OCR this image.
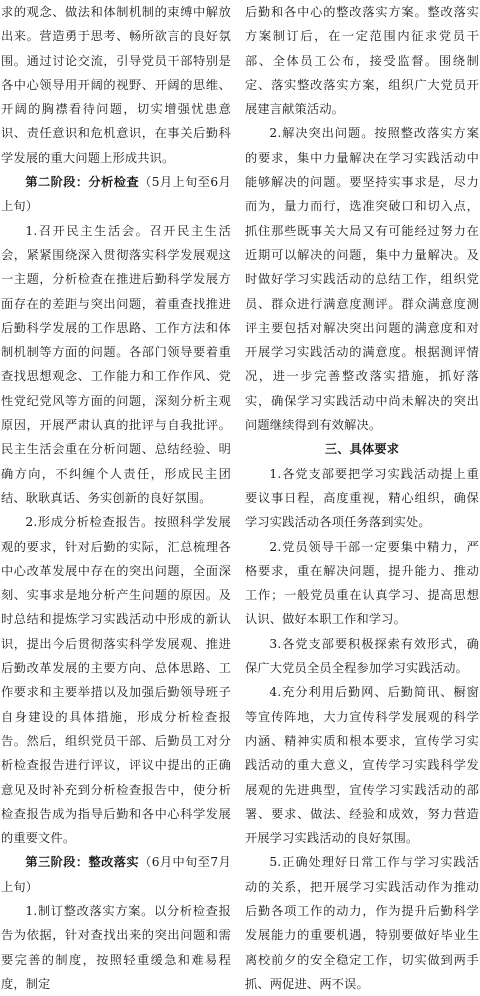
求的观念、做法和体制机制的束缚中解放出来。营造勇于思考、畅所欲言的良好氛围。通过讨论交流，引导党员干部特别是各中心领导用开阔的视野、开阔的思维、开阔的胸襟看待问题，切实增强忧患意识、责任意识和危机意识，在事关后勤科学发展的重大问题上形成共识。

第二阶段：分析检查（5月上旬至6月上旬）

1.召开民主生活会。召开民主生活会，紧紧围绕深入贯彻落实科学发展观这一主题，分析检查在推进后勤科学发展方面存在的差距与突出问题，着重查找推进后勤科学发展的工作思路、工作方法和体制机制等方面的问题。各部门领导要着重查找思想观念、工作能力和工作作风、党性党纪党风等方面的问题，深刻分析主观原因，开展严肃认真的批评与自我批评。民主生活会重在分析问题、总结经验、明确方向，不纠缠个人责任，形成民主团结、耿耿真话、务实创新的良好氛围。

2.形成分析检查报告。按照科学发展观的要求，针对后勤的实际，汇总梳理各中心改革发展中存在的突出问题，全面深刻、实事求是地分析产生问题的原因。及时总结和提炼学习实践活动中形成的新认识，提出今后贯彻落实科学发展观、推进后勤改革发展的主要方向、总体思路、工作要求和主要举措以及加强后勤领导班子自身建设的具体措施，形成分析检查报告。然后，组织党员干部、后勤员工对分析检查报告进行评议，评议中提出的正确意见及时补充到分析检查报告中，使分析检查报告成为指导后勤和各中心科学发展的重要文件。

第三阶段：整改落实（6月中旬至7月上旬）

1.制订整改落实方案。以分析检查报告为依据，针对查找出来的突出问题和需要完善的制度，按照轻重缓急和难易程度，制定

后勤和各中心的整改落实方案。整改落实方案制订后，在一定范围内征求党员干部、全体员工公布，接受监督。围绕制定、落实整改落实方案，组织广大党员开展建言献策活动。

2.解决突出问题。按照整改落实方案的要求，集中力量解决在学习实践活动中能够解决的问题。要坚持实事求是，尽力而为，量力而行，选准突破口和切入点，抓住那些既事关大局又有可能经过努力在近期可以解决的问题，集中力量解决。及时做好学习实践活动的总结工作，组织党员、群众进行满意度测评。群众满意度测评主要包括对解决突出问题的满意度和对开展学习实践活动的满意度。根据测评情况，进一步完善整改落实措施，抓好落实，确保学习实践活动中尚未解决的突出问题继续得到有效解决。

三、具体要求

1.各党支部要把学习实践活动提上重要议事日程，高度重视，精心组织，确保学习实践活动各项任务落到实处。

2.党员领导干部一定要集中精力，严格要求，重在解决问题，提升能力、推动工作；一般党员重在认真学习、提高思想认识、做好本职工作和学习。

3.各党支部要积极探索有效形式，确保广大党员全员全程参加学习实践活动。

4.充分利用后勤网、后勤简讯、橱窗等宣传阵地，大力宣传科学发展观的科学内涵、精神实质和根本要求，宣传学习实践活动的重大意义，宣传学习实践科学发展观的先进典型，宣传学习实践活动的部署、要求、做法、经验和成效，努力营造开展学习实践活动的良好氛围。

5.正确处理好日常工作与学习实践活动的关系，把开展学习实践活动作为推动后勤各项工作的动力，作为提升后勤科学发展能力的重要机遇，特别要做好毕业生离校前夕的安全稳定工作，切实做到两手抓、两促进、两不误。
